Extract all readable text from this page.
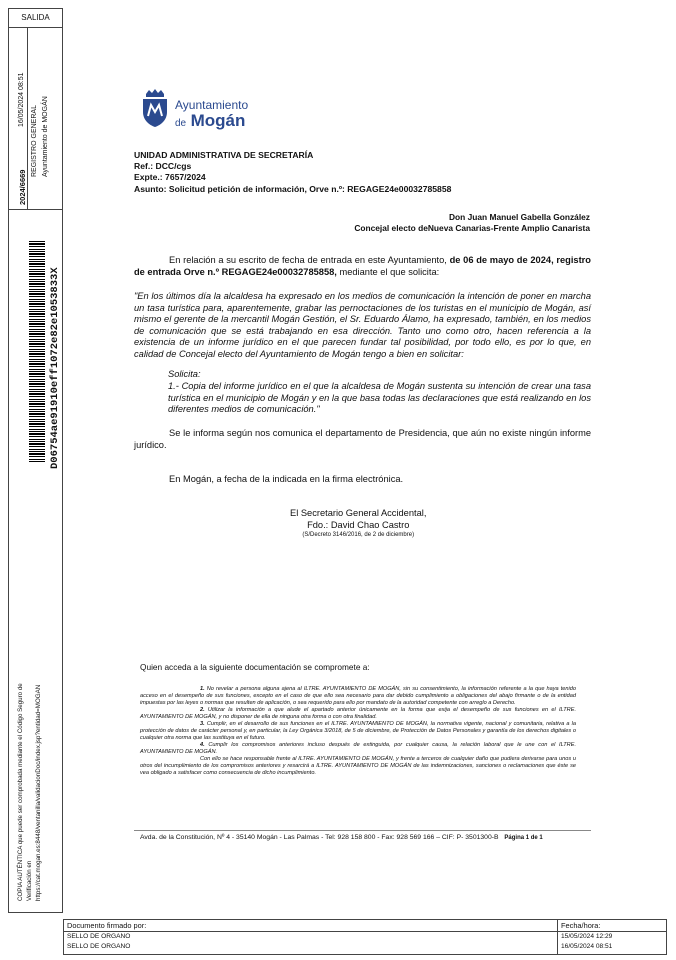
SALIDA
2024/6669
16/05/2024 08:51
REGISTRO GENERAL Ayuntamiento de MOGÁN
D06754ae91910eff1072e82e1053833X
COPIA AUTÉNTICA que puede ser comprobada mediante el Código Seguro de Verificación en https://cat.mogan.es:8448/ventanilla/validacionDoc/index.jsp?entidad=MOGAN
Ayuntamiento
de Mogán
UNIDAD ADMINISTRATIVA DE SECRETARÍA
Ref.: DCC/cgs
Expte.: 7657/2024
Asunto: Solicitud petición de información, Orve n.º: REGAGE24e00032785858
Don Juan Manuel Gabella González
Concejal electo deNueva Canarias-Frente Amplio Canarista
En relación a su escrito de fecha de entrada en este Ayuntamiento, de 06 de mayo de 2024, registro de entrada Orve n.º REGAGE24e00032785858, mediante el que solicita:
"En los últimos día la alcaldesa ha expresado en los medios de comunicación la intención de poner en marcha un tasa turística para, aparentemente, grabar las pernoctaciones de los turistas en el municipio de Mogán, así mismo el gerente de la mercantil Mogán Gestión, el Sr. Eduardo Álamo, ha expresado, también, en los medios de comunicación que se está trabajando en esa dirección. Tanto uno como otro, hacen referencia a la existencia de un informe jurídico en el que parecen fundar tal posibilidad, por todo ello, es por lo que, en calidad de Concejal electo del Ayuntamiento de Mogán tengo a bien en solicitar:
Solicita:
1.- Copia del informe jurídico en el que la alcaldesa de Mogán sustenta su intención de crear una tasa turística en el municipio de Mogán y en la que basa todas las declaraciones que está realizando en los diferentes medios de comunicación."
Se le informa según nos comunica el departamento de Presidencia, que aún no existe ningún informe jurídico.
En Mogán, a fecha de la indicada en la firma electrónica.
El Secretario General Accidental,
Fdo.: David Chao Castro
(S/Decreto 3146/2016, de 2 de diciembre)
Quien acceda a la siguiente documentación se compromete a:

1. No revelar a persona alguna ajena al ILTRE. AYUNTAMIENTO DE MOGÁN, sin su consentimiento, la información referente a la que haya tenido acceso en el desempeño de sus funciones, excepto en el caso de que ello sea necesario para dar debido cumplimiento a obligaciones del abajo firmante o de la entidad impuestas por las leyes o normas que resulten de aplicación, o sea requerido para ello por mandato de la autoridad competente con arreglo a Derecho.

2. Utilizar la información a que alude el apartado anterior únicamente en la forma que exija el desempeño de sus funciones en el ILTRE. AYUNTAMIENTO DE MOGÁN, y no disponer de ella de ninguna otra forma o con otra finalidad.

3. Cumplir, en el desarrollo de sus funciones en el ILTRE. AYUNTAMIENTO DE MOGÁN, la normativa vigente, nacional y comunitaria, relativa a la protección de datos de carácter personal y, en particular, la Ley Orgánica 3/2018, de 5 de diciembre, de Protección de Datos Personales y garantía de los derechos digitales o cualquier otra norma que las sustituya en el futuro.

4. Cumplir los compromisos anteriores incluso después de extinguida, por cualquier causa, la relación laboral que le une con el ILTRE. AYUNTAMIENTO DE MOGÁN.

Con ello se hace responsable frente al ILTRE. AYUNTAMIENTO DE MOGÁN, y frente a terceros de cualquier daño que pudiera derivarse para unos u otros del incumplimiento de los compromisos anteriores y resarcirá a ILTRE. AYUNTAMIENTO DE MOGÁN de las indemnizaciones, sanciones o reclamaciones que éste se vea obligado a satisfacer como consecuencia de dicho incumplimiento.

Avda. de la Constitución, Nº 4 - 35140 Mogán - Las Palmas - Tel: 928 158 800 - Fax: 928 569 166 – CIF: P- 3501300-B Página 1 de 1
Documento firmado por:	Fecha/hora:
SELLO DE ORGANO	15/05/2024 12:29
SELLO DE ORGANO	16/05/2024 08:51
